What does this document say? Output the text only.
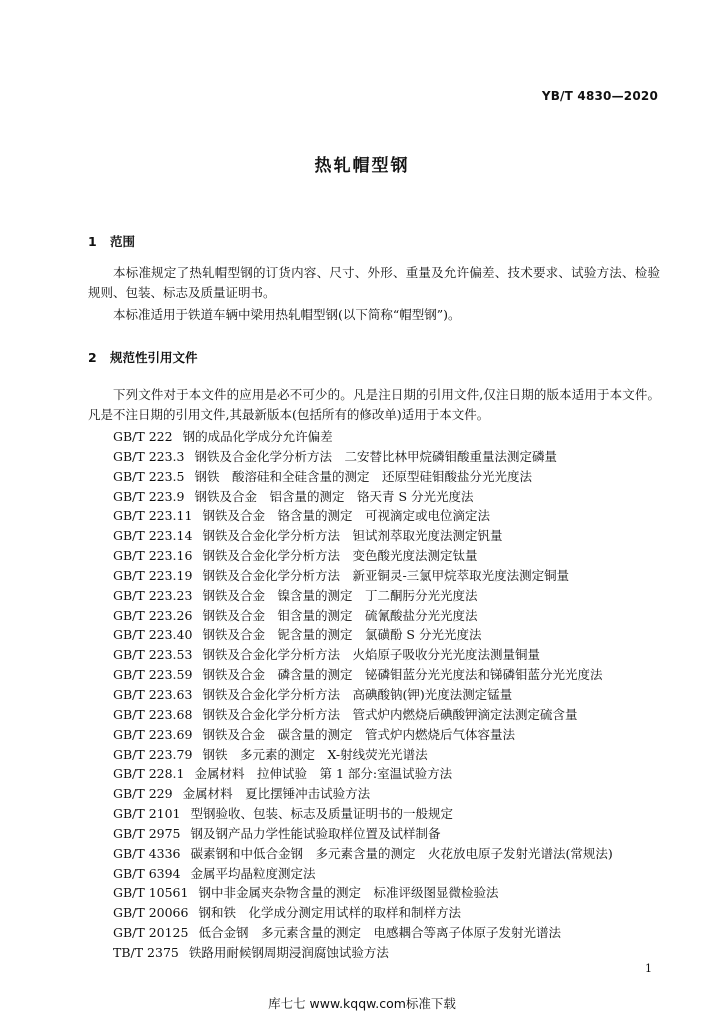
YB/T 4830—2020
热轧帽型钢
1 范围

本标准规定了热轧帽型钢的订货内容、尺寸、外形、重量及允许偏差、技术要求、试验方法、检验规则、包装、标志及质量证明书。

本标准适用于铁道车辆中梁用热轧帽型钢(以下简称“帽型钢”)。

2 规范性引用文件

下列文件对于本文件的应用是必不可少的。凡是注日期的引用文件,仅注日期的版本适用于本文件。凡是不注日期的引用文件,其最新版本(包括所有的修改单)适用于本文件。

GB/T 222 钢的成品化学成分允许偏差
GB/T 223.3 钢铁及合金化学分析方法　二安替比林甲烷磷钼酸重量法测定磷量
GB/T 223.5 钢铁　酸溶硅和全硅含量的测定　还原型硅钼酸盐分光光度法
GB/T 223.9 钢铁及合金　铝含量的测定　铬天青 S 分光光度法
GB/T 223.11 钢铁及合金　铬含量的测定　可视滴定或电位滴定法
GB/T 223.14 钢铁及合金化学分析方法　钽试剂萃取光度法测定钒量
GB/T 223.16 钢铁及合金化学分析方法　变色酸光度法测定钛量
GB/T 223.19 钢铁及合金化学分析方法　新亚铜灵-三氯甲烷萃取光度法测定铜量
GB/T 223.23 钢铁及合金　镍含量的测定　丁二酮肟分光光度法
GB/T 223.26 钢铁及合金　钼含量的测定　硫氰酸盐分光光度法
GB/T 223.40 钢铁及合金　铌含量的测定　氯磺酚 S 分光光度法
GB/T 223.53 钢铁及合金化学分析方法　火焰原子吸收分光光度法测量铜量
GB/T 223.59 钢铁及合金　磷含量的测定　铋磷钼蓝分光光度法和锑磷钼蓝分光光度法
GB/T 223.63 钢铁及合金化学分析方法　高碘酸钠(钾)光度法测定锰量
GB/T 223.68 钢铁及合金化学分析方法　管式炉内燃烧后碘酸钾滴定法测定硫含量
GB/T 223.69 钢铁及合金　碳含量的测定　管式炉内燃烧后气体容量法
GB/T 223.79 钢铁　多元素的测定　X-射线荧光光谱法
GB/T 228.1 金属材料　拉伸试验　第 1 部分:室温试验方法
GB/T 229 金属材料　夏比摆锤冲击试验方法
GB/T 2101 型钢验收、包装、标志及质量证明书的一般规定
GB/T 2975 钢及钢产品力学性能试验取样位置及试样制备
GB/T 4336 碳素钢和中低合金钢　多元素含量的测定　火花放电原子发射光谱法(常规法)
GB/T 6394 金属平均晶粒度测定法
GB/T 10561 钢中非金属夹杂物含量的测定　标准评级图显微检验法
GB/T 20066 钢和铁　化学成分测定用试样的取样和制样方法
GB/T 20125 低合金钢　多元素含量的测定　电感耦合等离子体原子发射光谱法
TB/T 2375 铁路用耐候钢周期浸润腐蚀试验方法
1
库七七 www.kqqw.com标准下载
